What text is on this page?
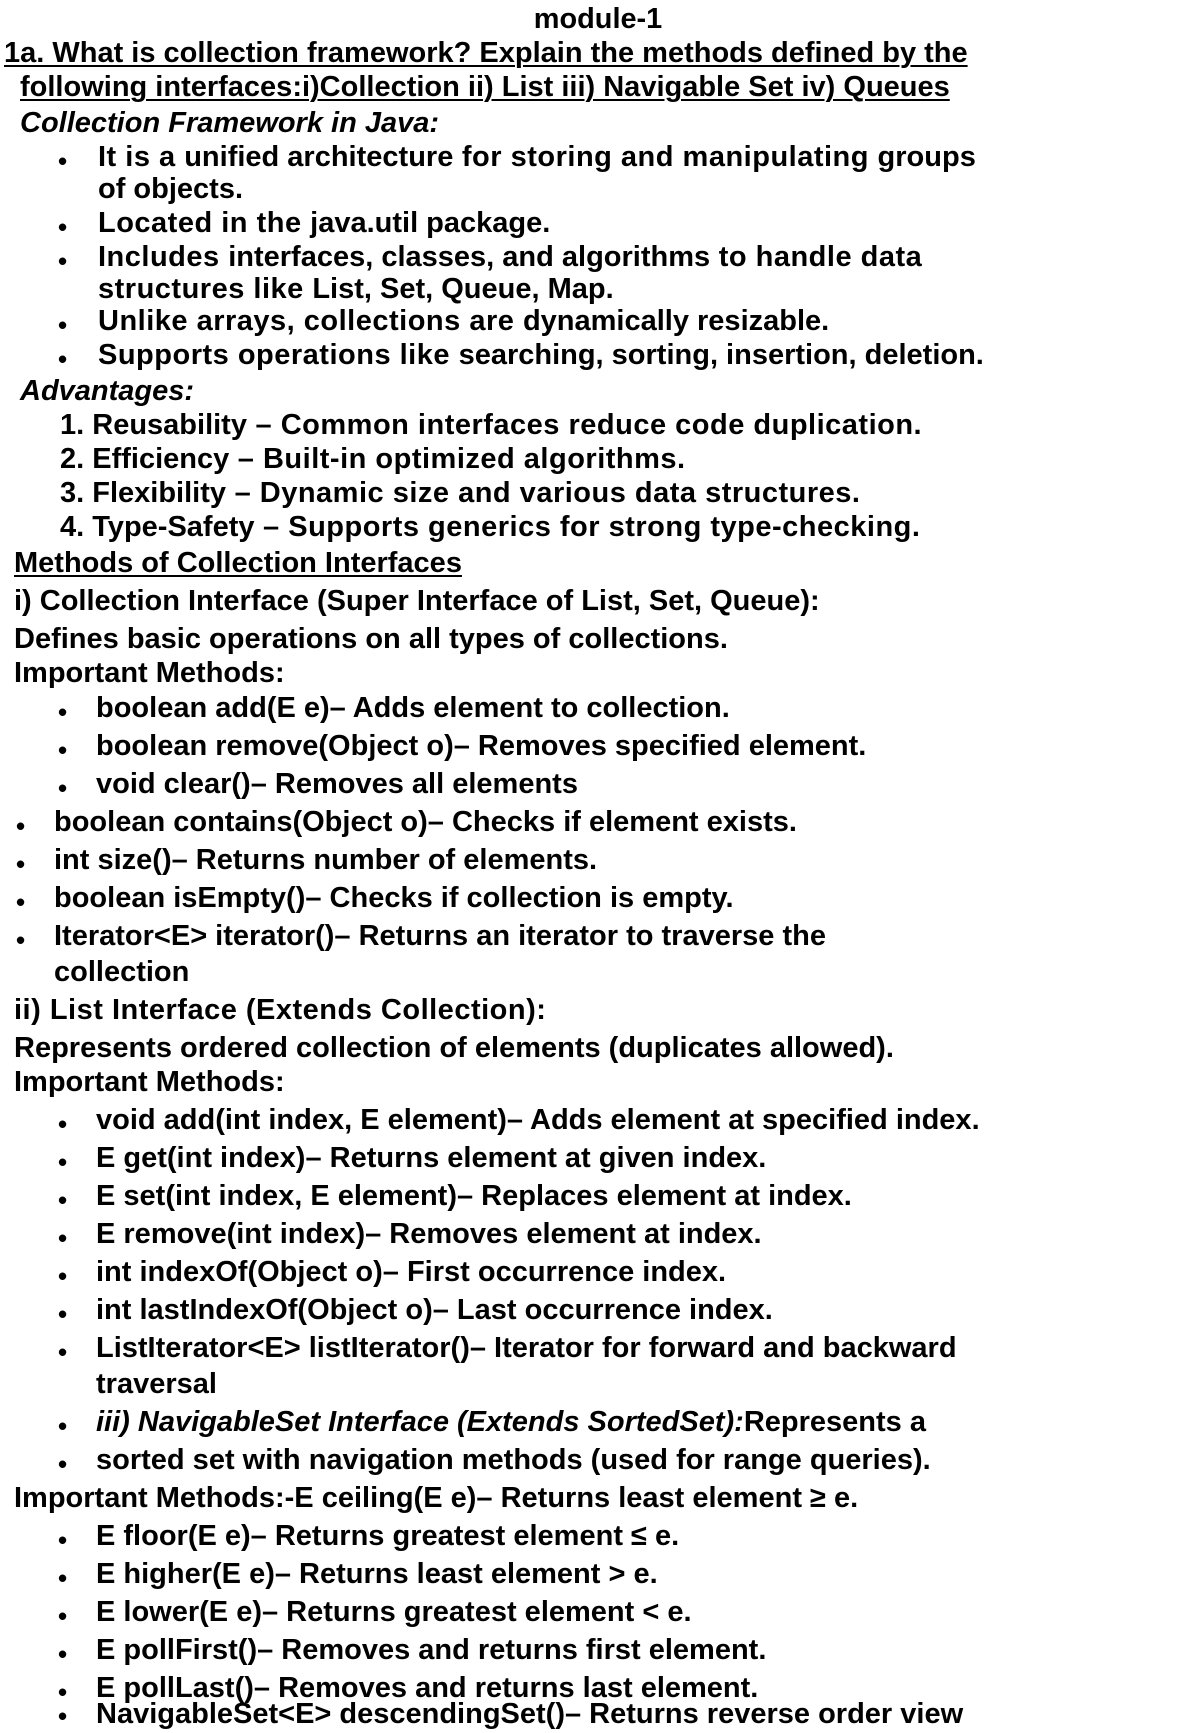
module-1
1a. What is collection framework? Explain the methods defined by the
following interfaces:i)Collection ii) List iii) Navigable Set iv) Queues
Collection Framework in Java:
• It is a unified architecture for storing and manipulating groups
of objects.
• Located in the java.util package.
• Includes interfaces, classes, and algorithms to handle data
structures like List, Set, Queue, Map.
• Unlike arrays, collections are dynamically resizable.
• Supports operations like searching, sorting, insertion, deletion.
Advantages:
1. Reusability – Common interfaces reduce code duplication.
2. Efficiency – Built-in optimized algorithms.
3. Flexibility – Dynamic size and various data structures.
4. Type-Safety – Supports generics for strong type-checking.
Methods of Collection Interfaces
i) Collection Interface (Super Interface of List, Set, Queue):
Defines basic operations on all types of collections.
Important Methods:
• boolean add(E e)– Adds element to collection.
• boolean remove(Object o)– Removes specified element.
• void clear()– Removes all elements
• boolean contains(Object o)– Checks if element exists.
• int size()– Returns number of elements.
• boolean isEmpty()– Checks if collection is empty.
• Iterator<E> iterator()– Returns an iterator to traverse the
collection
ii) List Interface (Extends Collection):
Represents ordered collection of elements (duplicates allowed).
Important Methods:
• void add(int index, E element)– Adds element at specified index.
• E get(int index)– Returns element at given index.
• E set(int index, E element)– Replaces element at index.
• E remove(int index)– Removes element at index.
• int indexOf(Object o)– First occurrence index.
• int lastIndexOf(Object o)– Last occurrence index.
• ListIterator<E> listIterator()– Iterator for forward and backward
traversal
• iii) NavigableSet Interface (Extends SortedSet):Represents a
• sorted set with navigation methods (used for range queries).
Important Methods:-E ceiling(E e)– Returns least element ≥ e.
• E floor(E e)– Returns greatest element ≤ e.
• E higher(E e)– Returns least element > e.
• E lower(E e)– Returns greatest element < e.
• E pollFirst()– Removes and returns first element.
• E pollLast()– Removes and returns last element.
• NavigableSet<E> descendingSet()– Returns reverse order view
